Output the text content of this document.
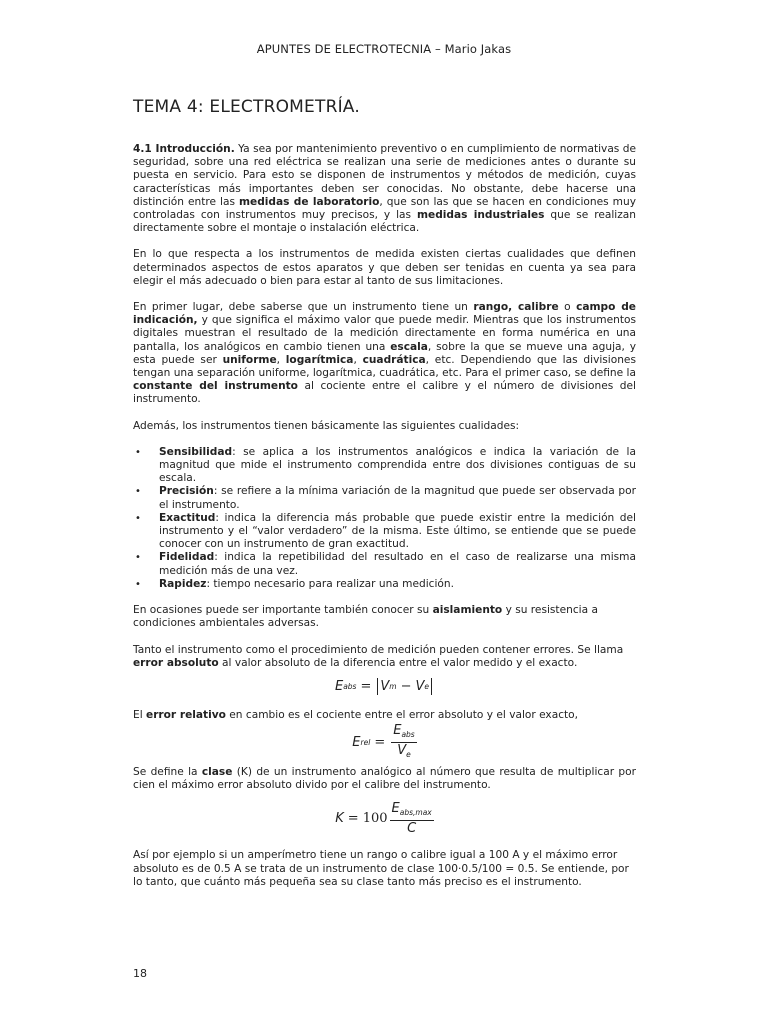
APUNTES DE ELECTROTECNIA – Mario Jakas
TEMA 4: ELECTROMETRÍA.

4.1 Introducción. Ya sea por mantenimiento preventivo o en cumplimiento de normativas de seguridad, sobre una red eléctrica se realizan una serie de mediciones antes o durante su puesta en servicio. Para esto se disponen de instrumentos y métodos de medición, cuyas características más importantes deben ser conocidas. No obstante, debe hacerse una distinción entre las medidas de laboratorio, que son las que se hacen en condiciones muy controladas con instrumentos muy precisos, y las medidas industriales que se realizan directamente sobre el montaje o instalación eléctrica.

En lo que respecta a los instrumentos de medida existen ciertas cualidades que definen determinados aspectos de estos aparatos y que deben ser tenidas en cuenta ya sea para elegir el más adecuado o bien para estar al tanto de sus limitaciones.

En primer lugar, debe saberse que un instrumento tiene un rango, calibre o campo de indicación, y que significa el máximo valor que puede medir. Mientras que los instrumentos digitales muestran el resultado de la medición directamente en forma numérica en una pantalla, los analógicos en cambio tienen una escala, sobre la que se mueve una aguja, y esta puede ser uniforme, logarítmica, cuadrática, etc. Dependiendo que las divisiones tengan una separación uniforme, logarítmica, cuadrática, etc. Para el primer caso, se define la constante del instrumento al cociente entre el calibre y el número de divisiones del instrumento.

Además, los instrumentos tienen básicamente las siguientes cualidades:

• Sensibilidad: se aplica a los instrumentos analógicos e indica la variación de la magnitud que mide el instrumento comprendida entre dos divisiones contiguas de su escala.
• Precisión: se refiere a la mínima variación de la magnitud que puede ser observada por el instrumento.
• Exactitud: indica la diferencia más probable que puede existir entre la medición del instrumento y el “valor verdadero” de la misma. Este último, se entiende que se puede conocer con un instrumento de gran exactitud.
• Fidelidad: indica la repetibilidad del resultado en el caso de realizarse una misma medición más de una vez.
• Rapidez: tiempo necesario para realizar una medición.

En ocasiones puede ser importante también conocer su aislamiento y su resistencia a condiciones ambientales adversas.

Tanto el instrumento como el procedimiento de medición pueden contener errores. Se llama error absoluto al valor absoluto de la diferencia entre el valor medido y el exacto.

E abs = V m − V e

El error relativo en cambio es el cociente entre el error absoluto y el valor exacto,

E rel = $\frac{E_{abs}}{V_e}$

Se define la clase (K) de un instrumento analógico al número que resulta de multiplicar por cien el máximo error absoluto divido por el calibre del instrumento.

$K = 100 \frac{E_{abs,max}}{C}$

Así por ejemplo si un amperímetro tiene un rango o calibre igual a 100 A y el máximo error absoluto es de 0.5 A se trata de un instrumento de clase 100·0.5/100 = 0.5. Se entiende, por lo tanto, que cuánto más pequeña sea su clase tanto más preciso es el instrumento.

18
